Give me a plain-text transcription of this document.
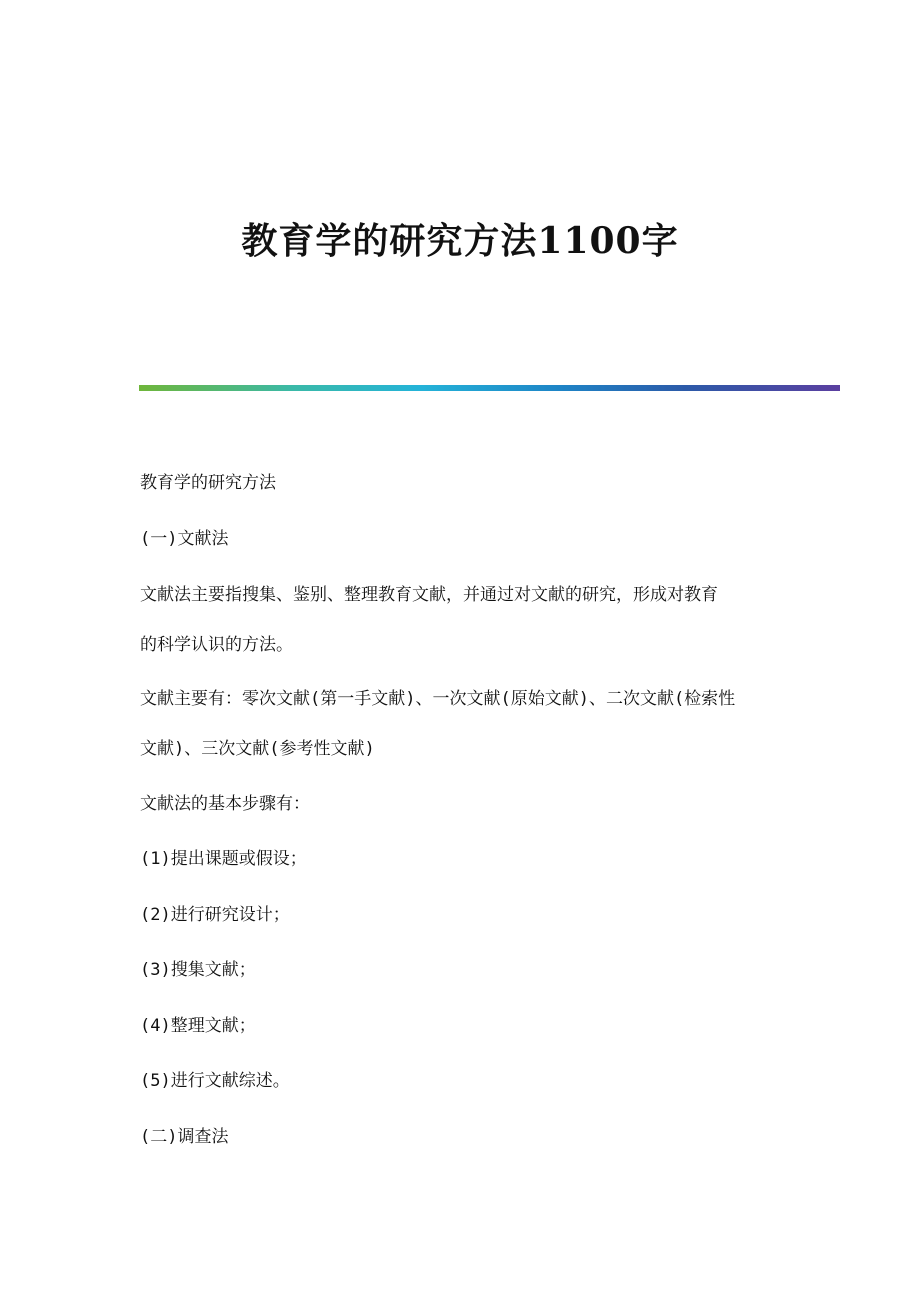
教育学的研究方法1100字

教育学的研究方法

(一)文献法

文献法主要指搜集、鉴别、整理教育文献，并通过对文献的研究，形成对教育

的科学认识的方法。

文献主要有：零次文献(第一手文献)、一次文献(原始文献)、二次文献(检索性

文献)、三次文献(参考性文献)

文献法的基本步骤有：

(1)提出课题或假设；

(2)进行研究设计；

(3)搜集文献；

(4)整理文献；

(5)进行文献综述。

(二)调查法
